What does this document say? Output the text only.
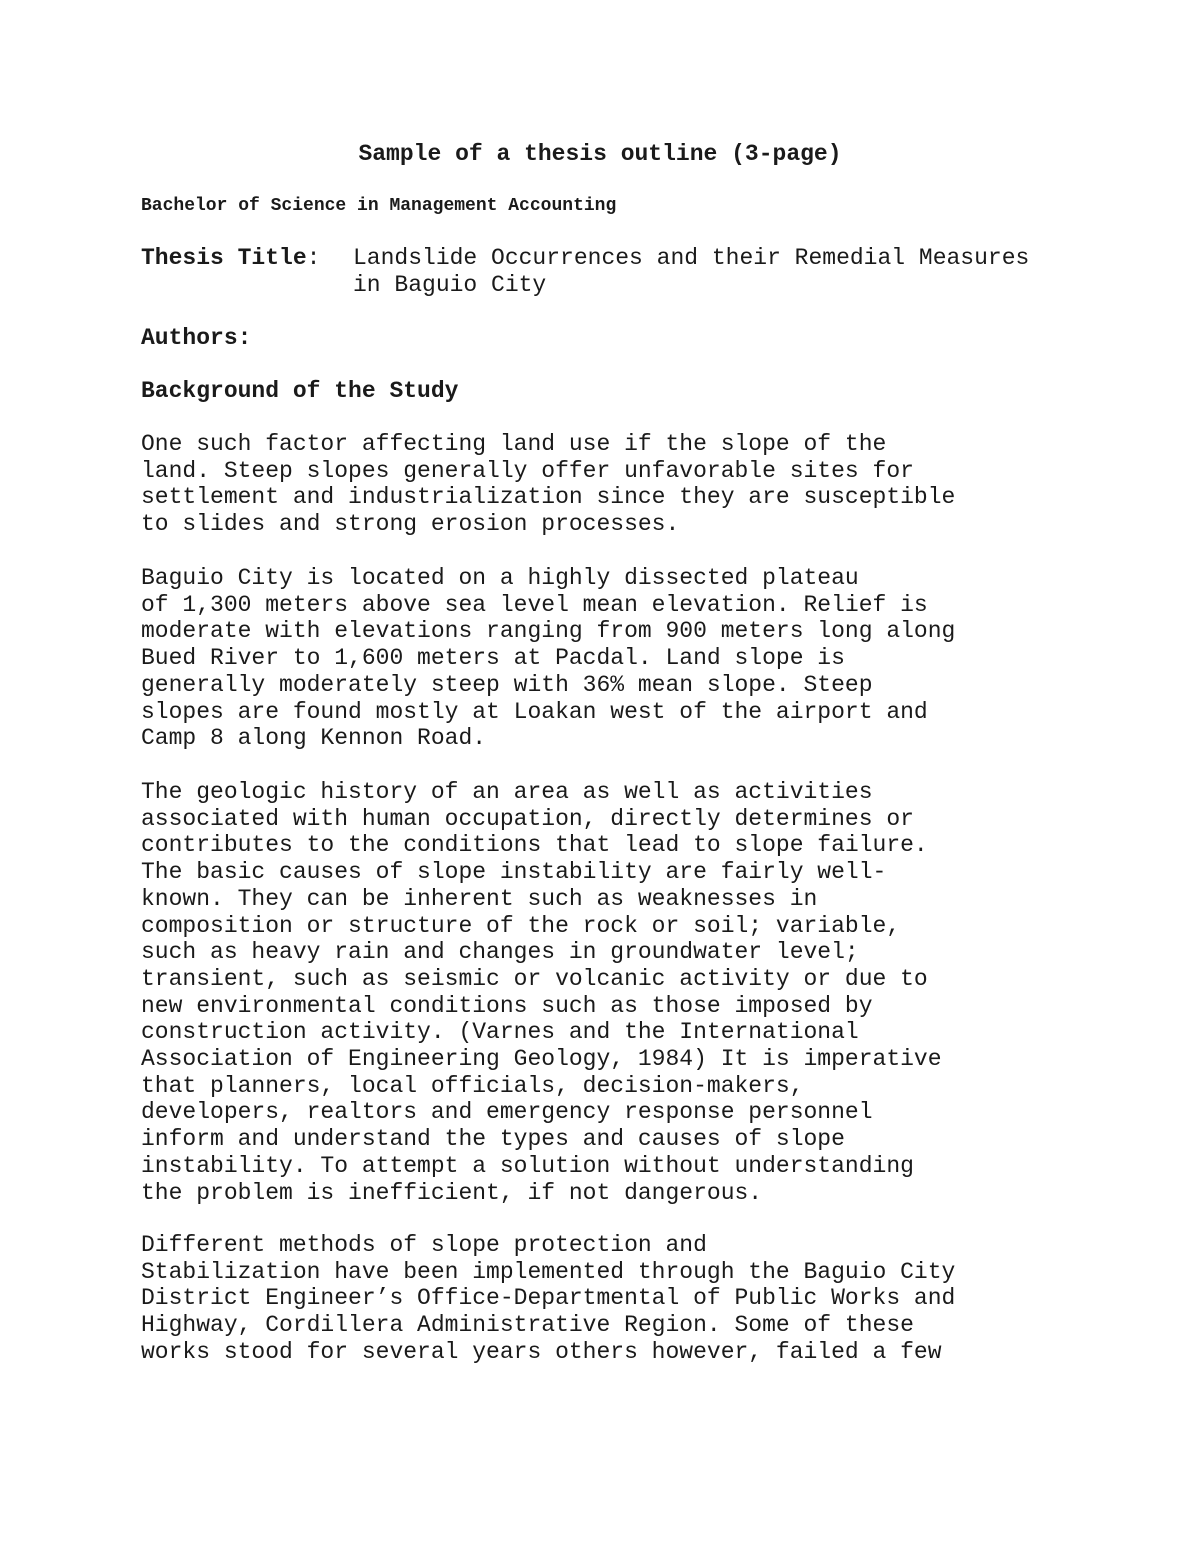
Sample of a thesis outline (3-page)

Bachelor of Science in Management Accounting

Thesis Title: Landslide Occurrences and their Remedial Measures
in Baguio City

Authors:

Background of the Study

One such factor affecting land use if the slope of the
land. Steep slopes generally offer unfavorable sites for
settlement and industrialization since they are susceptible
to slides and strong erosion processes.

Baguio City is located on a highly dissected plateau
of 1,300 meters above sea level mean elevation. Relief is
moderate with elevations ranging from 900 meters long along
Bued River to 1,600 meters at Pacdal. Land slope is
generally moderately steep with 36% mean slope. Steep
slopes are found mostly at Loakan west of the airport and
Camp 8 along Kennon Road.

The geologic history of an area as well as activities
associated with human occupation, directly determines or
contributes to the conditions that lead to slope failure.
The basic causes of slope instability are fairly well-
known. They can be inherent such as weaknesses in
composition or structure of the rock or soil; variable,
such as heavy rain and changes in groundwater level;
transient, such as seismic or volcanic activity or due to
new environmental conditions such as those imposed by
construction activity. (Varnes and the International
Association of Engineering Geology, 1984) It is imperative
that planners, local officials, decision-makers,
developers, realtors and emergency response personnel
inform and understand the types and causes of slope
instability. To attempt a solution without understanding
the problem is inefficient, if not dangerous.

Different methods of slope protection and
Stabilization have been implemented through the Baguio City
District Engineer’s Office-Departmental of Public Works and
Highway, Cordillera Administrative Region. Some of these
works stood for several years others however, failed a few
